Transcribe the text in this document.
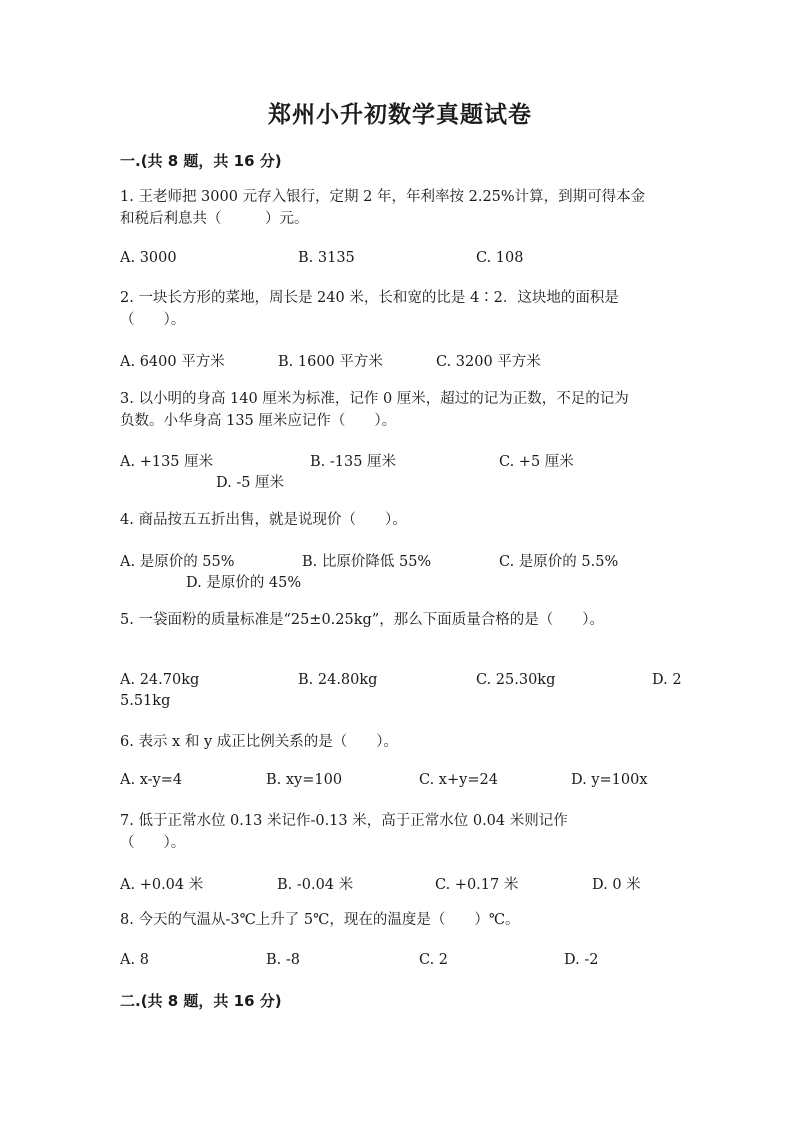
郑州小升初数学真题试卷
一.(共 8 题，共 16 分)
1. 王老师把 3000 元存入银行，定期 2 年，年利率按 2.25%计算，到期可得本金
和税后利息共（　　　）元。
A. 3000	B. 3135	C. 108
2. 一块长方形的菜地，周长是 240 米，长和宽的比是 4∶2．这块地的面积是
（　　）。
A. 6400 平方米	B. 1600 平方米	C. 3200 平方米
3. 以小明的身高 140 厘米为标准，记作 0 厘米，超过的记为正数，不足的记为
负数。小华身高 135 厘米应记作（　　）。
A. +135 厘米	B. -135 厘米	C. +5 厘米
D. -5 厘米
4. 商品按五五折出售，就是说现价（　　）。
A. 是原价的 55%	B. 比原价降低 55%	C. 是原价的 5.5%
D. 是原价的 45%
5. 一袋面粉的质量标准是“25±0.25kg”，那么下面质量合格的是（　　）。
A. 24.70kg	B. 24.80kg	C. 25.30kg	D. 2
5.51kg
6. 表示 x 和 y 成正比例关系的是（　　）。
A. x-y=4	B. xy=100	C. x+y=24	D. y=100x
7. 低于正常水位 0.13 米记作-0.13 米，高于正常水位 0.04 米则记作
（　　）。
A. +0.04 米	B. -0.04 米	C. +0.17 米	D. 0 米
8. 今天的气温从-3℃上升了 5℃，现在的温度是（　　）℃。
A. 8	B. -8	C. 2	D. -2
二.(共 8 题，共 16 分)
